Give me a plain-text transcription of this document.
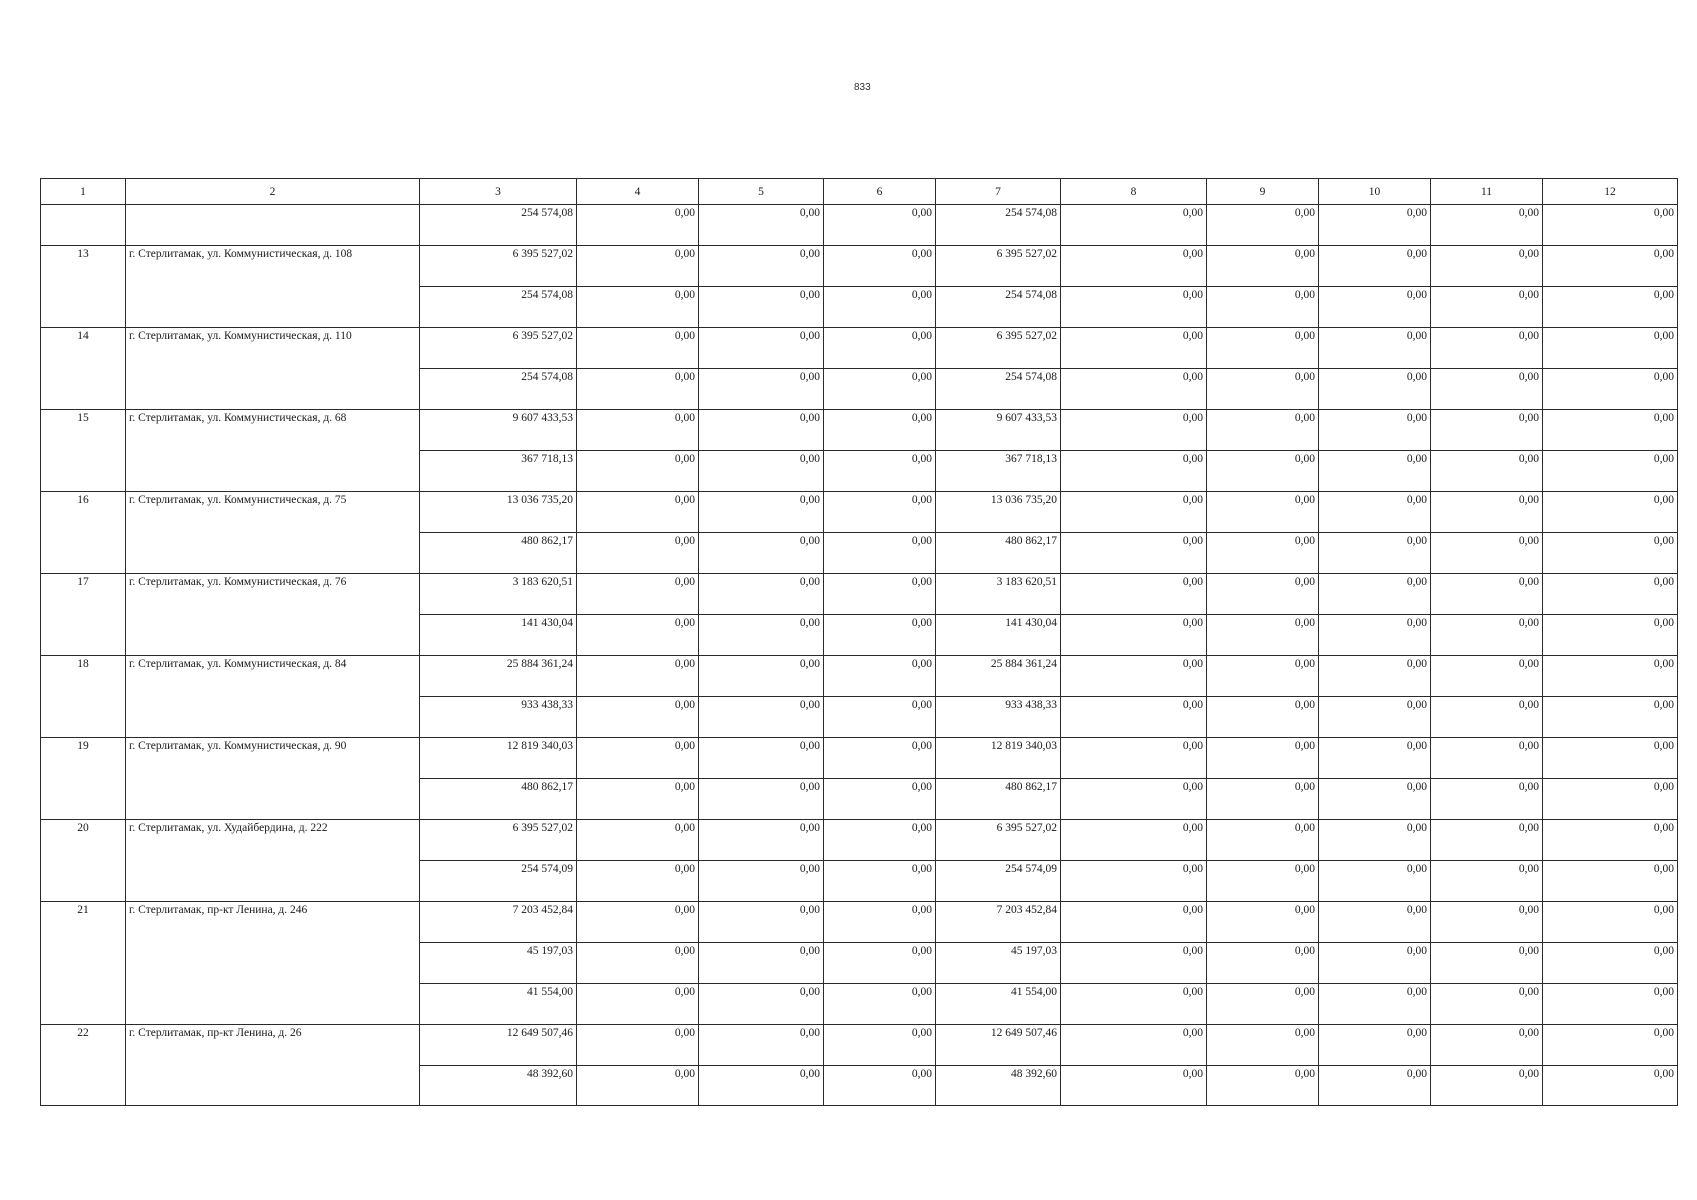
833
1	2	3	4	5	6	7	8	9	10	11	12
		254 574,08	0,00	0,00	0,00	254 574,08	0,00	0,00	0,00	0,00	0,00
13	г. Стерлитамак, ул. Коммунистическая, д. 108	6 395 527,02	0,00	0,00	0,00	6 395 527,02	0,00	0,00	0,00	0,00	0,00
		254 574,08	0,00	0,00	0,00	254 574,08	0,00	0,00	0,00	0,00	0,00
14	г. Стерлитамак, ул. Коммунистическая, д. 110	6 395 527,02	0,00	0,00	0,00	6 395 527,02	0,00	0,00	0,00	0,00	0,00
		254 574,08	0,00	0,00	0,00	254 574,08	0,00	0,00	0,00	0,00	0,00
15	г. Стерлитамак, ул. Коммунистическая, д. 68	9 607 433,53	0,00	0,00	0,00	9 607 433,53	0,00	0,00	0,00	0,00	0,00
		367 718,13	0,00	0,00	0,00	367 718,13	0,00	0,00	0,00	0,00	0,00
16	г. Стерлитамак, ул. Коммунистическая, д. 75	13 036 735,20	0,00	0,00	0,00	13 036 735,20	0,00	0,00	0,00	0,00	0,00
		480 862,17	0,00	0,00	0,00	480 862,17	0,00	0,00	0,00	0,00	0,00
17	г. Стерлитамак, ул. Коммунистическая, д. 76	3 183 620,51	0,00	0,00	0,00	3 183 620,51	0,00	0,00	0,00	0,00	0,00
		141 430,04	0,00	0,00	0,00	141 430,04	0,00	0,00	0,00	0,00	0,00
18	г. Стерлитамак, ул. Коммунистическая, д. 84	25 884 361,24	0,00	0,00	0,00	25 884 361,24	0,00	0,00	0,00	0,00	0,00
		933 438,33	0,00	0,00	0,00	933 438,33	0,00	0,00	0,00	0,00	0,00
19	г. Стерлитамак, ул. Коммунистическая, д. 90	12 819 340,03	0,00	0,00	0,00	12 819 340,03	0,00	0,00	0,00	0,00	0,00
		480 862,17	0,00	0,00	0,00	480 862,17	0,00	0,00	0,00	0,00	0,00
20	г. Стерлитамак, ул. Худайбердина, д. 222	6 395 527,02	0,00	0,00	0,00	6 395 527,02	0,00	0,00	0,00	0,00	0,00
		254 574,09	0,00	0,00	0,00	254 574,09	0,00	0,00	0,00	0,00	0,00
21	г. Стерлитамак, пр-кт Ленина, д. 246	7 203 452,84	0,00	0,00	0,00	7 203 452,84	0,00	0,00	0,00	0,00	0,00
		45 197,03	0,00	0,00	0,00	45 197,03	0,00	0,00	0,00	0,00	0,00
		41 554,00	0,00	0,00	0,00	41 554,00	0,00	0,00	0,00	0,00	0,00
22	г. Стерлитамак, пр-кт Ленина, д. 26	12 649 507,46	0,00	0,00	0,00	12 649 507,46	0,00	0,00	0,00	0,00	0,00
		48 392,60	0,00	0,00	0,00	48 392,60	0,00	0,00	0,00	0,00	0,00
